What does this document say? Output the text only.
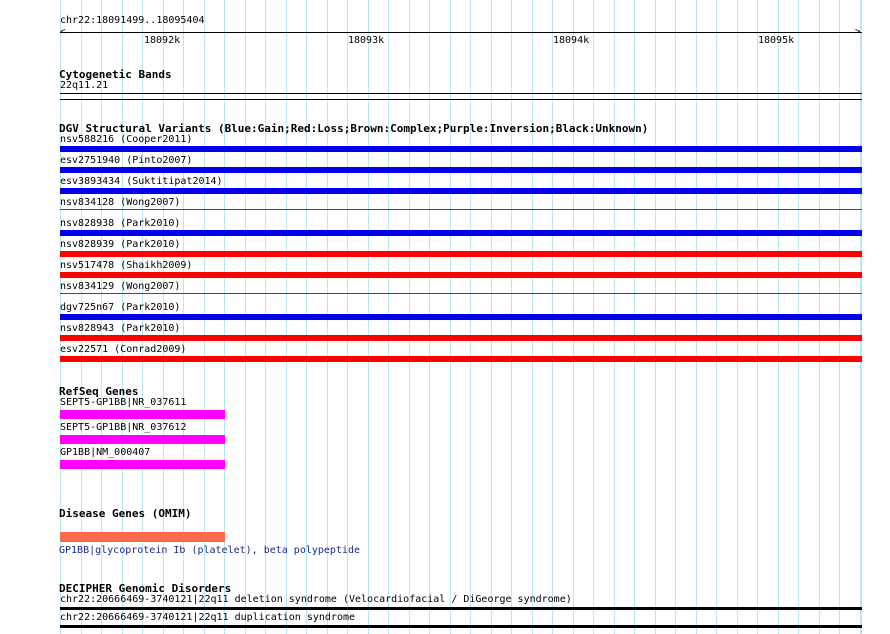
chr22:18091499..18095404
<	>
18092k	18093k	18094k	18095k
Cytogenetic Bands
22q11.21
DGV Structural Variants (Blue:Gain;Red:Loss;Brown:Complex;Purple:Inversion;Black:Unknown)
nsv588216 (Cooper2011)
esv2751940 (Pinto2007)
esv3893434 (Suktitipat2014)
nsv834128 (Wong2007)
nsv828938 (Park2010)
nsv828939 (Park2010)
nsv517478 (Shaikh2009)
nsv834129 (Wong2007)
dgv725n67 (Park2010)
nsv828943 (Park2010)
esv22571 (Conrad2009)
RefSeq Genes
SEPT5-GP1BB|NR_037611
SEPT5-GP1BB|NR_037612
GP1BB|NM_000407
Disease Genes (OMIM)
GP1BB|glycoprotein Ib (platelet), beta polypeptide
DECIPHER Genomic Disorders
chr22:20666469-3740121|22q11 deletion syndrome (Velocardiofacial / DiGeorge syndrome)
chr22:20666469-3740121|22q11 duplication syndrome
